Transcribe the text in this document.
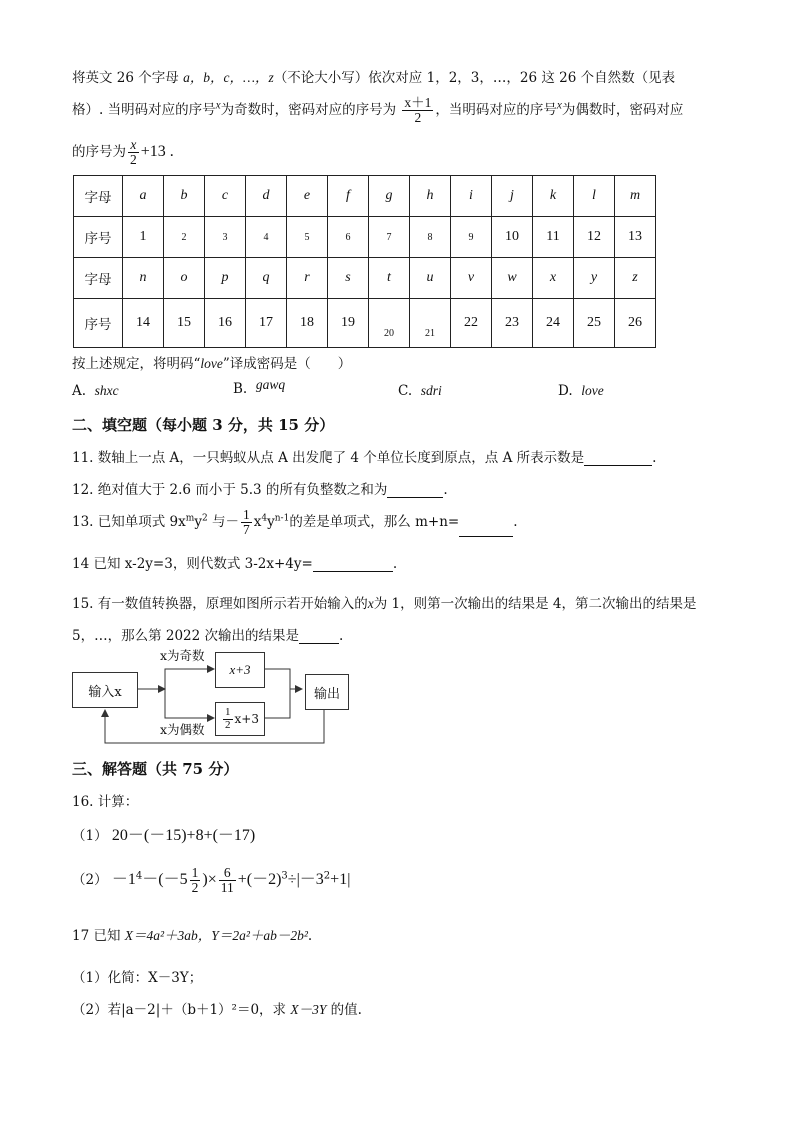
将英文 26 个字母 a，b，c，…，z（不论大小写）依次对应 1，2，3，…，26 这 26 个自然数（见表
格）. 当明码对应的序号$^x$为奇数时，密码对应的序号为 $\frac{x+1}{2}$ ，当明码对应的序号$^x$为偶数时，密码对应
的序号为 $\frac{x}{2} +13$ .
字母	a	b	c	d	e	f	g	h	i	j	k	l	m
序号	1	2	3	4	5	6	7	8	9	10	11	12	13
字母	n	o	p	q	r	s	t	u	v	w	x	y	z
序号	14	15	16	17	18	19	20	21	22	23	24	25	26
按上述规定，将明码“love”译成密码是（　　）
A. shxc	B. gawq	C. sdri	D. love
二、填空题（每小题 3 分，共 15 分）
11. 数轴上一点 A，一只蚂蚁从点 A 出发爬了 4 个单位长度到原点，点 A 所表示数是	.
12. 绝对值大于 2.6 而小于 5.3 的所有负整数之和为	.
13. 已知单项式 $9x^my^2$ 与－ $\frac{1}{7} x^4y^{n-1}$的差是单项式，那么 m+n=	.
14 已知 x-2y=3，则代数式 3-2x+4y=	.
15. 有一数值转换器，原理如图所示若开始输入的x为 1，则第一次输出的结果是 4，第二次输出的结果是
5，…，那么第 2022 次输出的结果是	.
输入x
x为奇数
x+3
x为偶数 $\frac{1}{2} x+3$
输出
三、解答题（共 75 分）
16. 计算：
（1） 20－(－15)+8+(－17)
$(2) -1^4-(-5 \frac{1}{2}$ )× $\frac{6}{11} +(-2)^3\div|-3^2+1|$
17 已知 X＝4a²＋3ab，Y＝2a²＋ab－2b².
（1）化简：X－3Y；
（2）若|a－2|＋（b＋1）²＝0，求 X－3Y 的值.
